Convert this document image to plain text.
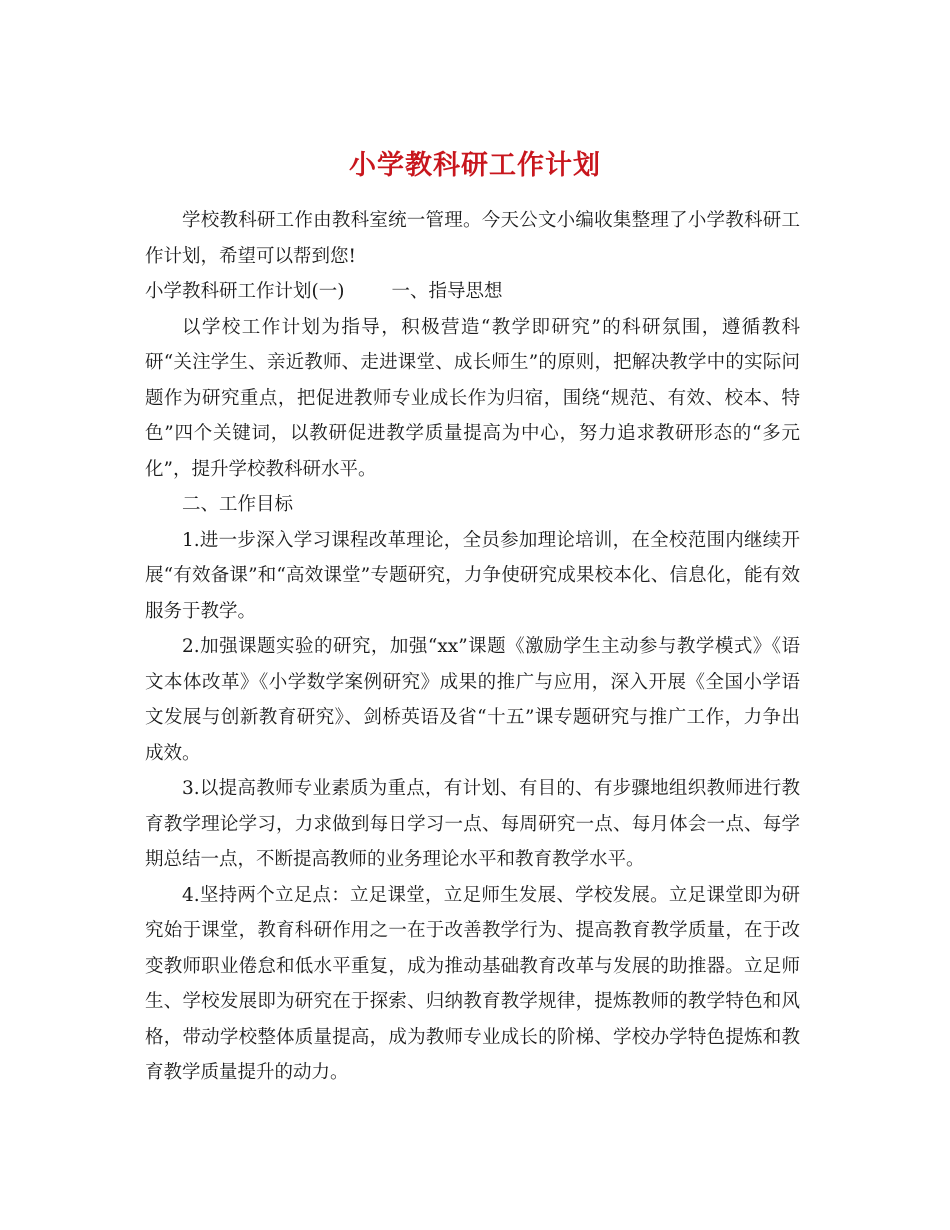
小学教科研工作计划

学校教科研工作由教科室统一管理。今天公文小编收集整理了小学教科研工作计划，希望可以帮到您!

小学教科研工作计划(一)        一、指导思想

以学校工作计划为指导，积极营造“教学即研究”的科研氛围，遵循教科研“关注学生、亲近教师、走进课堂、成长师生”的原则，把解决教学中的实际问题作为研究重点，把促进教师专业成长作为归宿，围绕“规范、有效、校本、特色”四个关键词，以教研促进教学质量提高为中心，努力追求教研形态的“多元化”，提升学校教科研水平。

二、工作目标

1.进一步深入学习课程改革理论，全员参加理论培训，在全校范围内继续开展“有效备课”和“高效课堂”专题研究，力争使研究成果校本化、信息化，能有效服务于教学。

2.加强课题实验的研究，加强“xx”课题《激励学生主动参与教学模式》《语文本体改革》《小学数学案例研究》成果的推广与应用，深入开展《全国小学语文发展与创新教育研究》、剑桥英语及省“十五”课专题研究与推广工作，力争出成效。

3.以提高教师专业素质为重点，有计划、有目的、有步骤地组织教师进行教育教学理论学习，力求做到每日学习一点、每周研究一点、每月体会一点、每学期总结一点，不断提高教师的业务理论水平和教育教学水平。

4.坚持两个立足点：立足课堂，立足师生发展、学校发展。立足课堂即为研究始于课堂，教育科研作用之一在于改善教学行为、提高教育教学质量，在于改变教师职业倦怠和低水平重复，成为推动基础教育改革与发展的助推器。立足师生、学校发展即为研究在于探索、归纳教育教学规律，提炼教师的教学特色和风格，带动学校整体质量提高，成为教师专业成长的阶梯、学校办学特色提炼和教育教学质量提升的动力。
